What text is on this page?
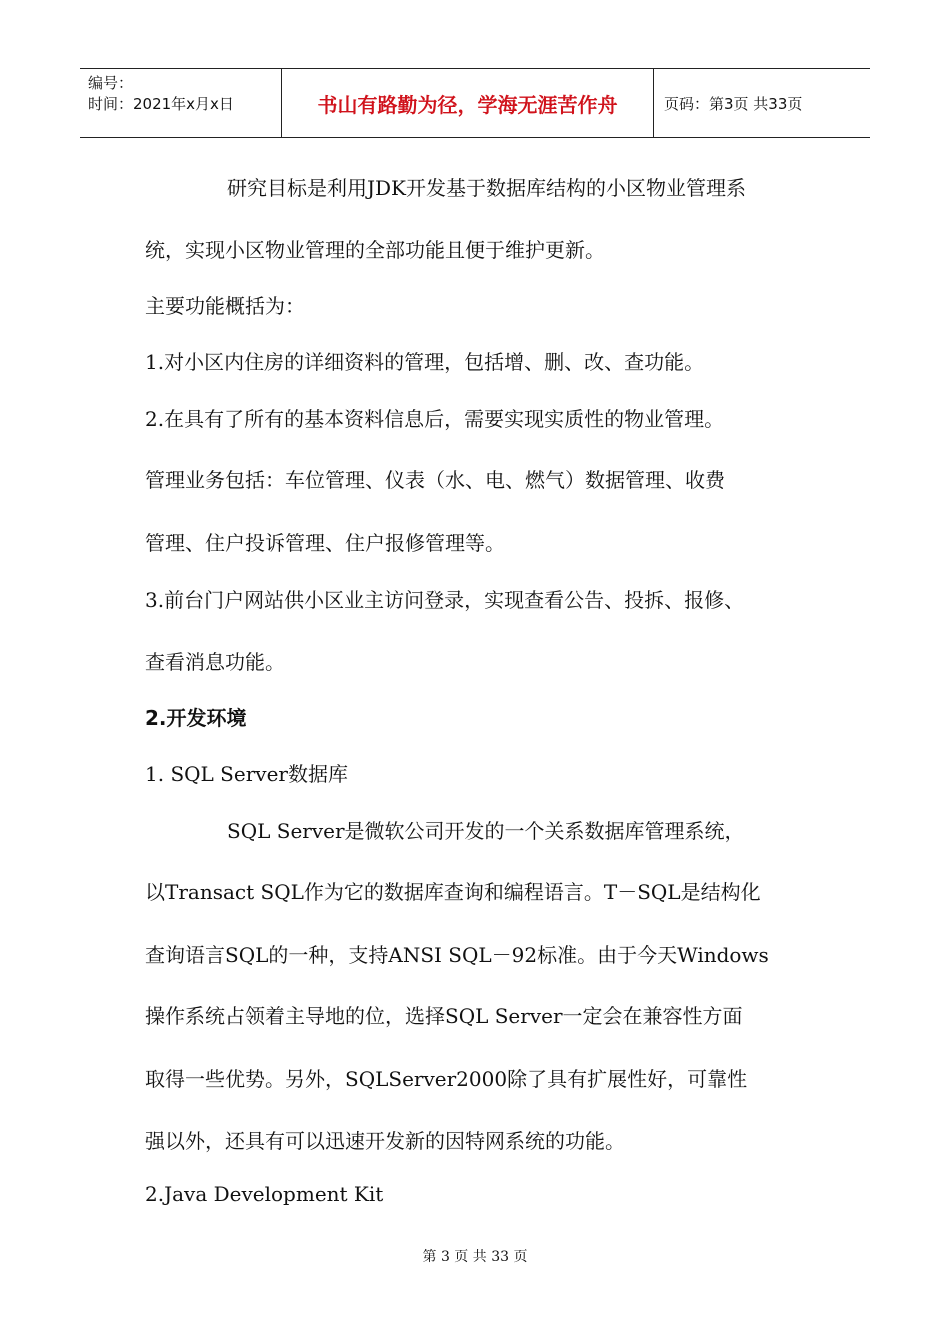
编号：
时间：2021年x月x日	书山有路勤为径，学海无涯苦作舟	页码：第3页 共33页
研究目标是利用JDK开发基于数据库结构的小区物业管理系
统，实现小区物业管理的全部功能且便于维护更新。
主要功能概括为：
1.对小区内住房的详细资料的管理，包括增、删、改、查功能。
2.在具有了所有的基本资料信息后，需要实现实质性的物业管理。
管理业务包括：车位管理、仪表（水、电、燃气）数据管理、收费
管理、住户投诉管理、住户报修管理等。
3.前台门户网站供小区业主访问登录，实现查看公告、投拆、报修、
查看消息功能。
2.开发环境
1. SQL Server数据库
SQL Server是微软公司开发的一个关系数据库管理系统，
以Transact SQL作为它的数据库查询和编程语言。T－SQL是结构化
查询语言SQL的一种，支持ANSI SQL－92标准。由于今天Windows
操作系统占领着主导地的位，选择SQL Server一定会在兼容性方面
取得一些优势。另外，SQLServer2000除了具有扩展性好，可靠性
强以外，还具有可以迅速开发新的因特网系统的功能。
2.Java Development Kit
第 3 页 共 33 页
